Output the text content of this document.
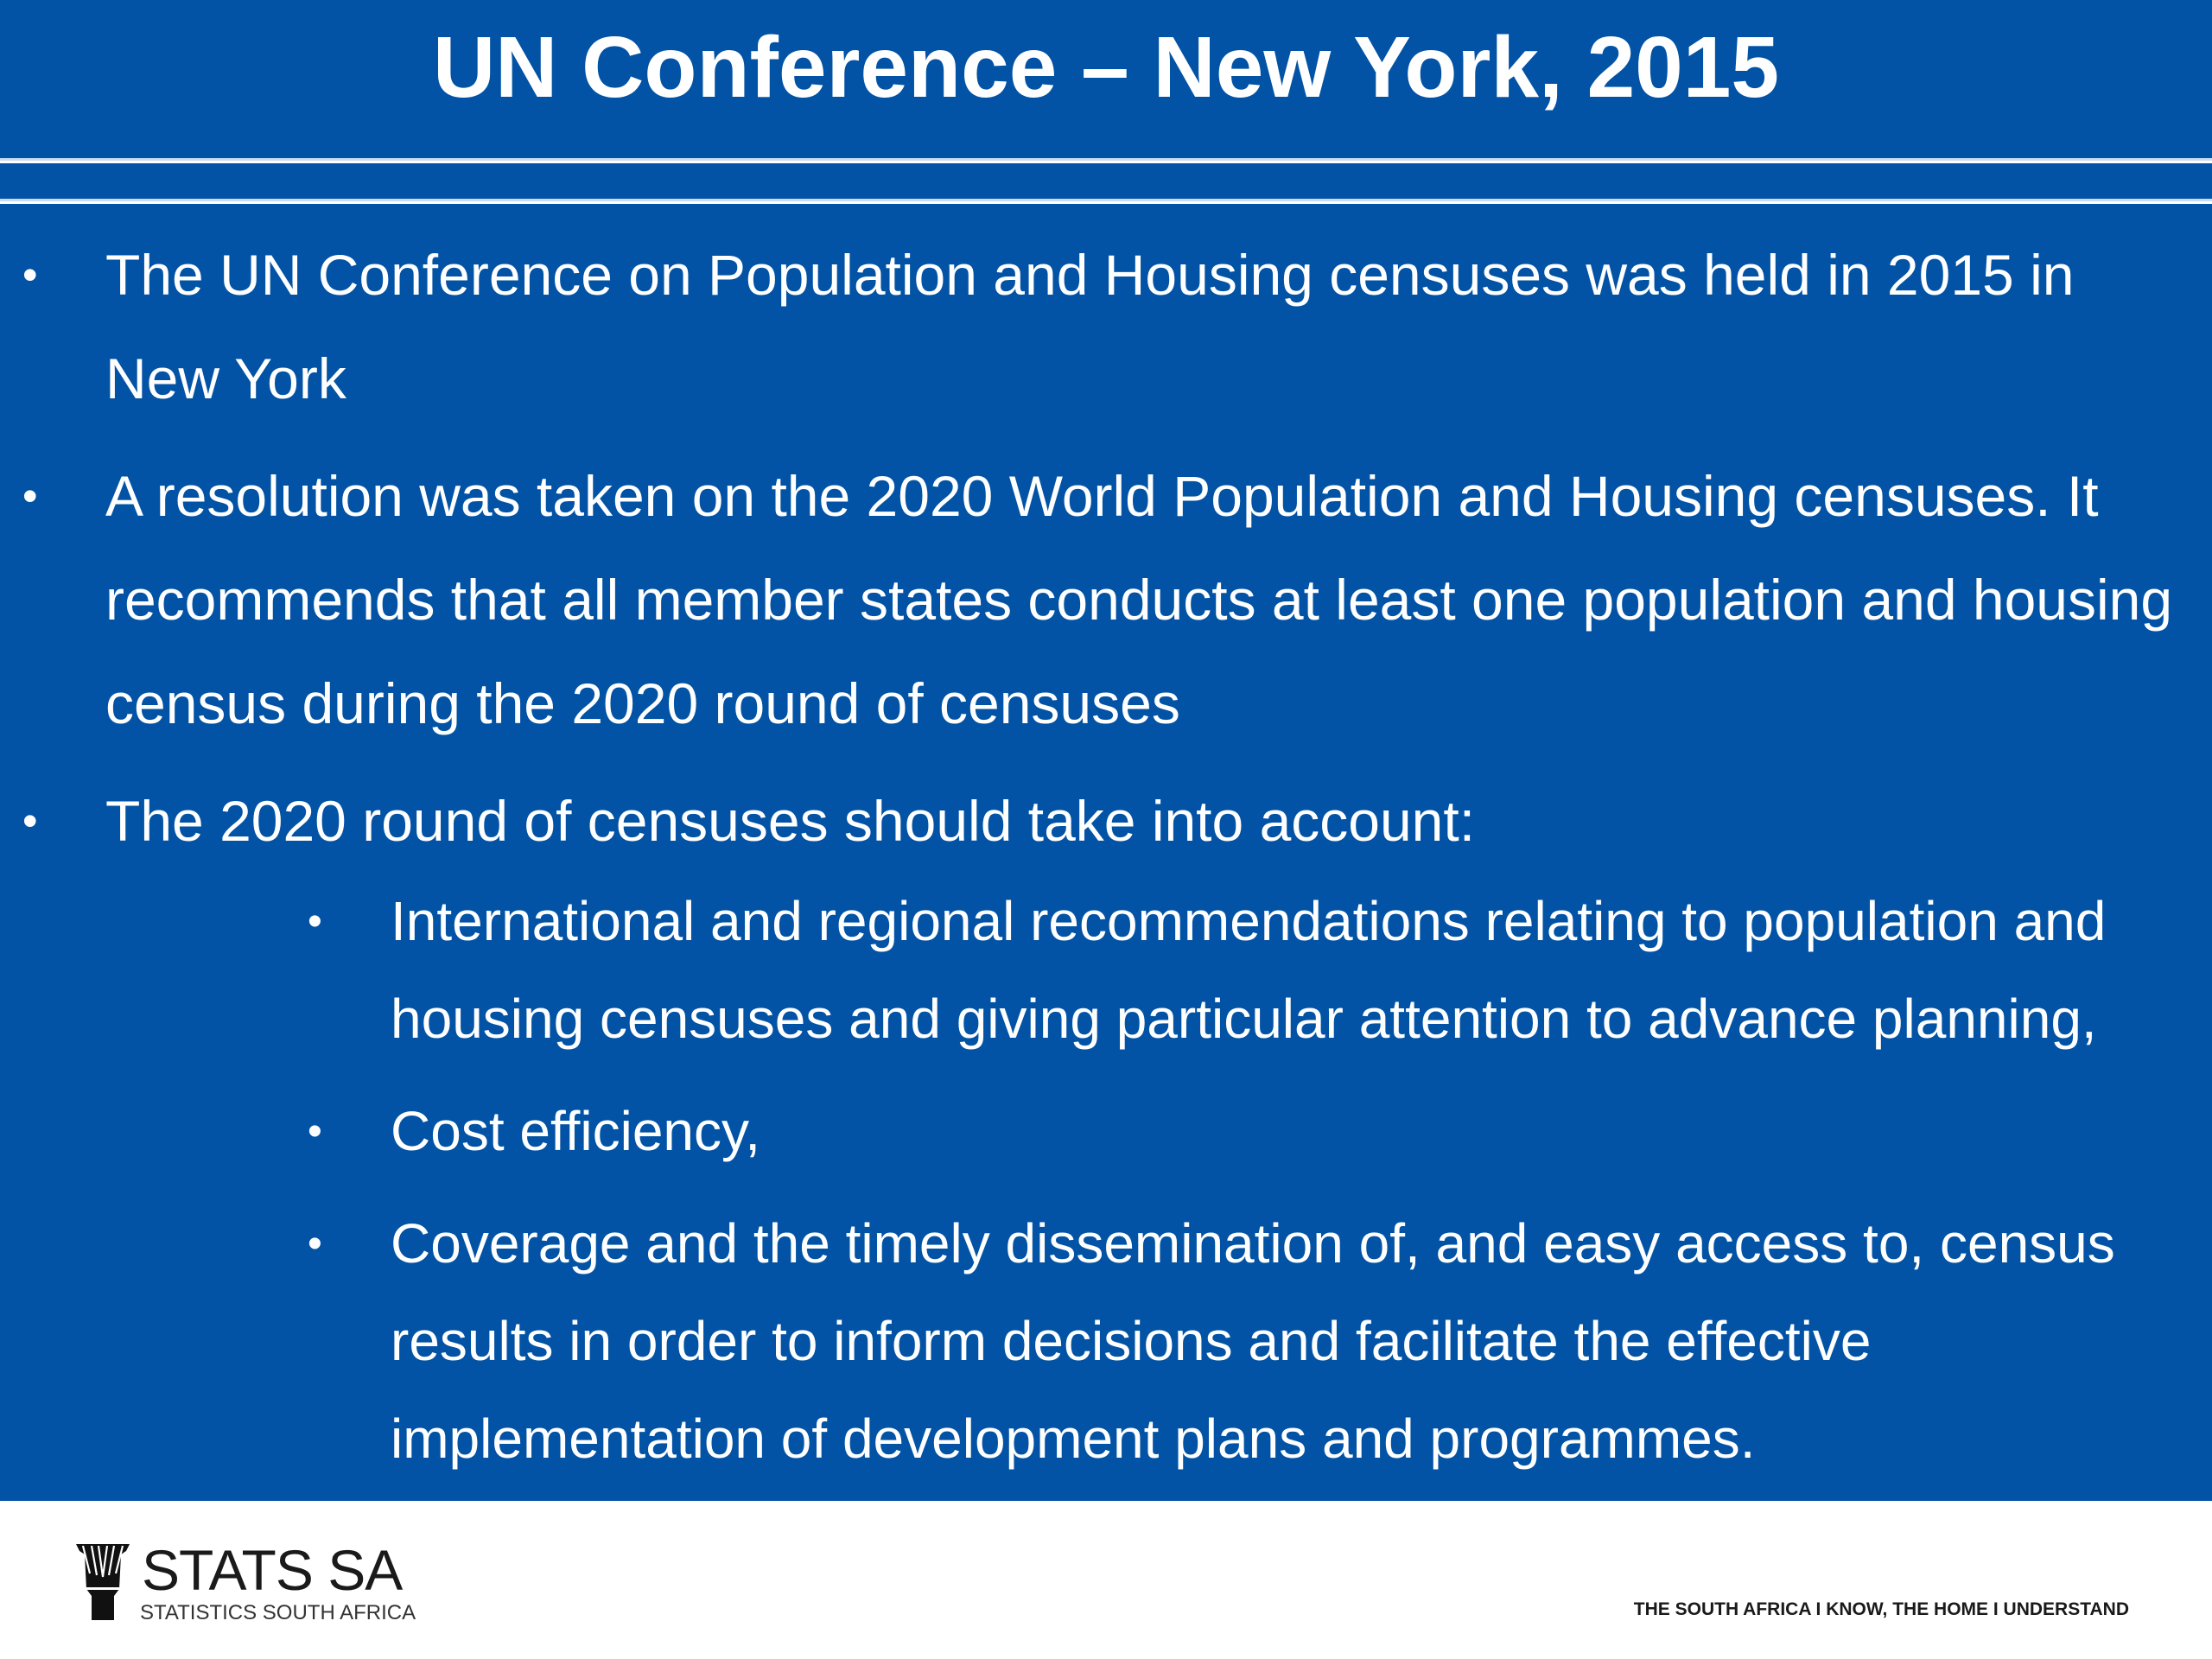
UN Conference – New York, 2015
• The UN Conference on Population and Housing censuses was held in 2015 in New York
• A resolution was taken on the 2020 World Population and Housing censuses. It recommends that all member states conducts at least one population and housing census during the 2020 round of censuses
• The 2020 round of censuses should take into account:
• International and regional recommendations relating to population and housing censuses and giving particular attention to advance planning,
• Cost efficiency,
• Coverage and the timely dissemination of, and easy access to, census results in order to inform decisions and facilitate the effective implementation of development plans and programmes.
STATS SA
STATISTICS SOUTH AFRICA	THE SOUTH AFRICA I KNOW, THE HOME I UNDERSTAND
